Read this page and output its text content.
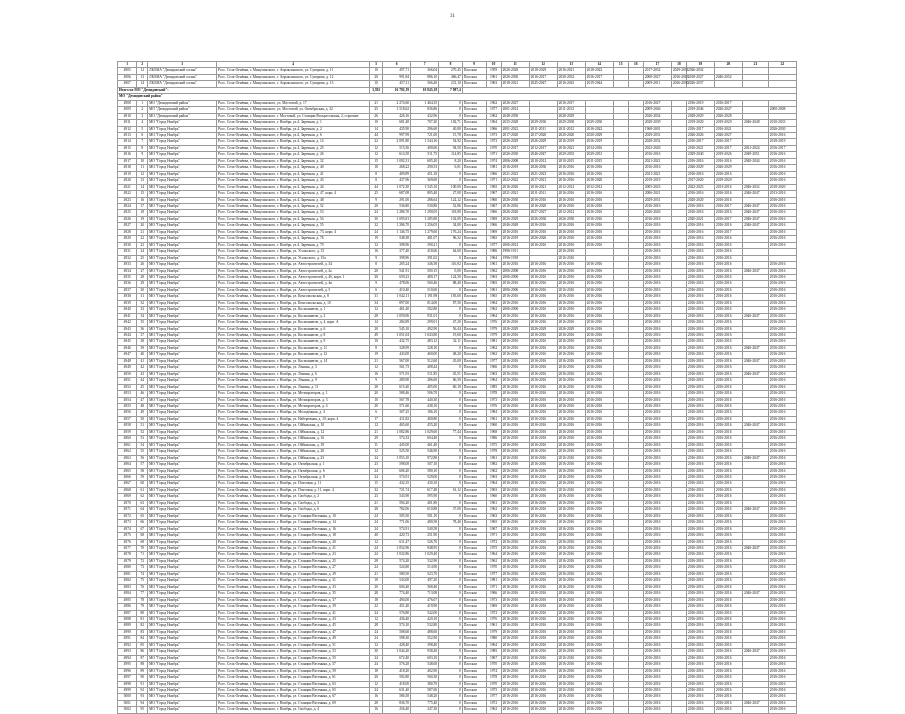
31
1	2	3	4	5	6	7	8	9	10	11	12	13	14	15	16	17	18	19	20	21	22
4905	12	ЛБОМА "Демидовский сосны"	Росс. Сель-Огнёвка, г. Минусинского, г. Апраксинского, ул. Суворова, д. 11	10	497,71	366,04	270,45	Плоская	1959	2026-2028	2018-2029	2016-2021	2018-2022			2017-2032	2029-2031	2026-2032			
4906	13	ЛБОМА "Демидовский сосны"	Росс. Сель-Огнёвка, г. Минусинского, г. Апраксинского, ул. Суворова, д. 12	20	991,84	886,10	466,47	Плоская	1961	2026-2030	2016-2017	2030-2032	2016-2017			2008-2027	2016-2019	2018-2027	2046-2052		
4907	14	ЛБОМА "Демидовский сосны"	Росс. Сель-Огнёвка, г. Минусинского, г. Апраксинского, ул. Суворова, д. 13	10	457,11	566,40	231,10	Плоская	1963	2018-2021	2045-2047	2016-2043	2019-2044			2009-2011	2026-2030	2026-2037			
Итого по МО "Демидовский":				3,392	16 792,19	10 845,18	7 987,4														
МО "Демидовский район"																					
4908	1	МО "Демидовский район"	Росс. Сель-Огнёвка, г. Минусинского, ул. Мостовой, д. 17	21	2 274,60	1 464,35	0	Плоская	1962	2026-2027		2016-2017				2016-2027		2016-2019	2016-2017		
4909	2	МО "Демидовский район"	Росс. Сель-Огнёвка, г. Минусинского, ул. Мостовой, ул. Октябрьская, д. 32	25	1 518,62	836,86	0	Плоская	1977	2001-2012		2011-2012				2009-2046		2019-2046	2026-2027		2000-2008
4910	3	МО "Демидовский район"	Росс. Сель-Огнёвка, г. Минусинского, г. Мостовой, ул. Станции Воскресенская, 2, строение	26	426,16	432,96	0	Плоская	1962	2048-2050		2028-2029				2026-2034		2028-2029	2026-2028		
4911	4	МО "Город Ноябрь"	Росс. Сель-Огнёвка, г. Минусинского, г. Ноябрь, ул.4, Заречная, д. 1	10	681,48	707,20	182,71	Плоская	1964	2025-2028	2029-2030	2029-2030	2029-2030			2028-2039		2019-2020	2019-2020	2046-2048	2010-2033
4912	5	МО "Город Ноябрь"	Росс. Сель-Огнёвка, г. Минусинского, г. Ноябрь, ул.4, Заречная, д. 2	14	435,90	296,60	40,80	Плоская	1966	2001-2022	2011-2011	2011-2012	2016-2022			1968-2001		2016-2017	2016-2021		2026-2030
4913	6	МО "Город Ноябрь"	Росс. Сель-Огнёвка, г. Минусинского, г. Ноябрь, ул.4, Заречная, д. 6	44	997,99	721,00	15,78	Плоская	1973	2017-2020	2017-2020	2020-2020	2020-2029			2029-2031		2026-2026	2026-2027		2016-2016
4914	7	МО "Город Ноябрь"	Росс. Сель-Огнёвка, г. Минусинского, г. Ноябрь, ул.4, Заречная, д. 14	22	2 091,80	1 544,16	54,92	Плоская	1973	2026-2029	2026-2029	2016-2019	2016-2019			2028-2032		2016-2017	2016-2017		2018-2019
4915	8	МО "Город Ноябрь"	Росс. Сель-Огнёвка, г. Минусинского, г. Ноябрь, ул.4, Заречная, д. 25	12	515,56	490,60	94,50	Плоская	1970	2012-2017	2012-2017	2016-2021	2014-2016			2022-2026		2016-2021	2016-2017	2021-2024	2016-2017
4916	9	МО "Город Ноябрь"	Росс. Сель-Огнёвка, г. Минусинского, г. Ноябрь, ул.4, Заречная, д. 26	12	614,50	511,75	114,85	Плоская	1971	2026-2030	2046-2047	2029-2033	2029-2031			2016-2016		2029-2040	2019-2026	2049-2051	2016-2016
4917	10	МО "Город Ноябрь"	Росс. Сель-Огнёвка, г. Минусинского, г. Ноябрь, ул.4, Заречная, д. 32	15	1 092,31	605,20	8,20	Плоская	1974	2006-2008	2010-2012	2010-2015	2011-2015			2021-2021		2016-2016	2016-2016	2040-2044	2016-2016
4918	11	МО "Город Ноябрь"	Росс. Сель-Огнёвка, г. Минусинского, г. Ноябрь, ул.4, Заречная, д. 40	18	268,22	290,53	6,01	Плоская	1981	2016-2019	2026-2030	2016-2016	2016-2016			2016-2016		2026-2029	2026-2029		2016-2016
4919	12	МО "Город Ноябрь"	Росс. Сель-Огнёвка, г. Минусинского, г. Ноябрь, ул.4, Заречная, д. 41	8	409,89	451,18	0	Плоская	1966	2021-2023	2021-2023	2016-2016	2016-2016			2021-2021		2016-2016	2016-2016		2016-2016
4920	13	МО "Город Ноябрь"	Росс. Сель-Огнёвка, г. Минусинского, г. Ноябрь, ул.4, Заречная, д. 43	8	437,96	369,60	0	Плоская	1971	2022-2022	2017-2021	2016-2016	2018-2020			2019-2019		2017-2020	2019-2020		2016-2016
4921	14	МО "Город Ноябрь"	Росс. Сель-Огнёвка, г. Минусинского, г. Ноябрь, ул.4, Заречная, д. 44	44	1 072,30	1 545,10	100,00	Плоская	1965	2016-2020	2016-2021	2012-2012	2012-2012			2005-2023		2022-2023	2013-2016	2046-2032	2018-2020
4922	15	МО "Город Ноябрь"	Росс. Сель-Огнёвка, г. Минусинского, г. Ноябрь, ул.4, Заречная, д. 47, корп. 4	25	687,08	805,40	27,00	Плоская	1967	2021-2021	2011-2011	2016-2016	2016-2016			2006-2021		2016-2016	2016-2016	2046-2047	2013-2016
4923	16	МО "Город Ноябрь"	Росс. Сель-Огнёвка, г. Минусинского, г. Ноябрь, ул.4, Заречная, д. 48	9	291,00	286,64	122,12	Плоская	1960	2026-2030	2016-2016	2016-2016	2016-2016			2029-2031		2020-2020	2016-2016		2016-2016
4924	17	МО "Город Ноябрь"	Росс. Сель-Огнёвка, г. Минусинского, г. Ноябрь, ул.4, Заречная, д. 52	20	536,80	530,80	52,86	Плоская	1967	2016-2016	2016-2020	2016-2016	2016-2016			2016-2016		2016-2016	2016-2017	2046-2047	2016-2016
4925	18	МО "Город Ноябрь"	Росс. Сель-Огнёвка, г. Минусинского, г. Ноябрь, ул.4, Заречная, д. 53	24	1 286,70	1 290,05	118,80	Плоская	1966	2026-2026	2027-2027	2012-2012	2016-2016			2026-2026		2016-2016	2016-2016	2046-2047	2016-2016
4926	19	МО "Город Ноябрь"	Росс. Сель-Огнёвка, г. Минусинского, г. Ноябрь, ул.4, Заречная, д. 54	30	1 095,81	1 285,80	102,09	Плоская	1969	2026-2029	2026-2030	2026-2030	2016-2016			2016-2016		2020-2021	2016-2017	2046-2047	2016-2016
4927	20	МО "Город Ноябрь"	Росс. Сель-Огнёвка, г. Минусинского, г. Ноябрь, ул.4, Заречная, д. 55	32	1 286,70	1 256,05	34,00	Плоская	1966	2046-2049	2016-2016	2016-2016	2016-2016			2016-2016		2016-2016	2016-2016	2046-2047	2016-2016
4928	21	МО "Город Ноябрь"	Росс. Сель-Огнёвка, г. Минусинского, г. Ноябрь, ул.4, Заречная, д. 73, корп. 4	24	1 146,75	1 279,60	176,24	Плоская	1969	2016-2016	2016-2016	2016-2016	2016-2016			2016-2016		2016-2016	2016-2017		2016-2016
4929	22	МО "Город Ноябрь"	Росс. Сель-Огнёвка, г. Минусинского, г. Ноябрь, ул.4, Заречная, д. 76	19	548,38	481,07	96,32	Плоская	1965	2016-2019	2026-2026	2016-2016	2016-2016			2016-2016		2016-2016	2016-2016		2016-2016
4930	23	МО "Город Ноябрь"	Росс. Сель-Огнёвка, г. Минусинского, г. Ноябрь, ул.4, Заречная, д. 79	12	398,96	390,21	0	Плоская	1977	2006-2012	2016-2016	2016-2016	2016-2016			2016-2016		2016-2016	2016-2016		2016-2016
4931	24	МО "Город Ноябрь"	Росс. Сель-Огнёвка, г. Минусинского, г. Ноябрь, ул. Усольского, д. 15	16	377,40	418,66	64,60	Плоская	1986	1996-1911		2016-2016				2016-2016		2016-2016	2016-2016		
4932	25	МО "Город Ноябрь"	Росс. Сель-Огнёвка, г. Минусинского, г. Ноябрь, ул. Усольского, д. 15а	9	398,96	391,02	0	Плоская	1964	1996-1918		2016-2016				2016-2016		2016-2016	2016-2016		
4933	26	МО "Город Ноябрь"	Росс. Сель-Огнёвка, г. Минусинского, г. Ноябрь, ул. Автостроителей, д. 34	8	205,24	346,58	116,92	Плоская	1961	2016-2016	2016-2016	2016-2016	2016-2016			2016-2016		2016-2016	2016-2016		2016-2016
4934	27	МО "Город Ноябрь"	Росс. Сель-Огнёвка, г. Минусинского, г. Ноябрь, ул. Автостроителей, д. 4а	20	541,91	500,15	0,00	Плоская	1962	2006-2008	2016-2016	2016-2016	2016-2016			2016-2016		2016-2016	2016-2016	2046-2047	2016-2016
4935	28	МО "Город Ноябрь"	Росс. Сель-Огнёвка, г. Минусинского, г. Ноябрь, ул. Автостроителей, д. 4б, корп. 1	30	659,23	480,17	124,50	Плоская	1963	2006-2006	2016-2016	2016-2016	2016-2016			2016-2016		2016-2016	2016-2016		2016-2016
4936	29	МО "Город Ноябрь"	Росс. Сель-Огнёвка, г. Минусинского, г. Ноябрь, ул. Автостроителей, д. 4в	9	478,06	560,46	88,40	Плоская	1965	2016-2016	2016-2016	2016-2016	2016-2016			2016-2016		2016-2016	2016-2016		2016-2016
4937	30	МО "Город Ноябрь"	Росс. Сель-Огнёвка, г. Минусинского, г. Ноябрь, ул. Автостроителей, д. 5	6	410,40	510,60	0	Плоская	1961	2006-2006	2016-2016	2016-2016	2016-2016			2016-2016		2016-2016	2016-2016		2016-2016
4938	31	МО "Город Ноябрь"	Росс. Сель-Огнёвка, г. Минусинского, г. Ноябрь, ул. Комсомольская, д. 8	31	1 042,11	1 191,98	183,60	Плоская	1965	2016-2016	2016-2016	2016-2016	2016-2016			2016-2016		2016-2016	2016-2016		2016-2016
4939	32	МО "Город Ноябрь"	Росс. Сель-Огнёвка, г. Минусинского, г. Ноябрь, ул. Комсомольская, д. 10	34	897,00	814,00	87,50	Плоская	1964	2016-2016	2016-2016	2016-2016	2016-2016			2016-2016		2016-2016	2016-2016		2016-2016
4940	33	МО "Город Ноябрь"	Росс. Сель-Огнёвка, г. Минусинского, г. Ноябрь, ул. Космонавтов, д. 1	12	461,40	502,80	0	Плоская	1962	2006-2006	2016-2016	2016-2016	2016-2016			2016-2016		2016-2016	2016-2016		2016-2016
4941	34	МО "Город Ноябрь"	Росс. Сель-Огнёвка, г. Минусинского, г. Ноябрь, ул. Космонавтов, д. 2	28	1 059,06	931,01	0	Плоская	1964	2016-2016	2016-2016	2016-2016	2016-2016			2016-2016		2016-2016	2016-2016	2046-2047	2016-2016
4942	35	МО "Город Ноябрь"	Росс. Сель-Огнёвка, г. Минусинского, г. Ноябрь, ул. Космонавтов, д. 4, корп. А	14	284,89	299,01	47,20	Плоская	1976	2016-2016	2016-2016	2016-2016	2016-2016			2016-2016		2016-2016	2016-2016		2016-2016
4943	36	МО "Город Ноябрь"	Росс. Сель-Огнёвка, г. Минусинского, г. Ноябрь, ул. Космонавтов, д. 6	20	545,10	492,90	56,44	Плоская	1979	2026-2029	2026-2029	2026-2029	2016-2016			2016-2016		2016-2016	2016-2016		2016-2016
4944	37	МО "Город Ноябрь"	Росс. Сель-Огнёвка, г. Минусинского, г. Ноябрь, ул. Космонавтов, д. 8	49	1 051,04	1 043,80	19,60	Плоская	1979	2016-2016	2016-2016	2016-2016	2016-2016			2016-2016		2016-2016	2016-2016		2016-2016
4945	38	МО "Город Ноябрь"	Росс. Сель-Огнёвка, г. Минусинского, г. Ноябрь, ул. Космонавтов, д. 9	10	432,75	483,12	32,11	Плоская	1981	2016-2016	2016-2016	2016-2016	2016-2016			2016-2016		2016-2016	2016-2016		2016-2016
4946	39	МО "Город Ноябрь"	Росс. Сель-Огнёвка, г. Минусинского, г. Ноябрь, ул. Космонавтов, д. 11	8	328,99	328,10	0	Плоская	1962	2016-2016	2016-2016	2016-2016	2016-2016			2016-2016		2016-2016	2016-2016	2046-2047	2016-2016
4947	40	МО "Город Ноябрь"	Росс. Сель-Огнёвка, г. Минусинского, г. Ноябрь, ул. Космонавтов, д. 12	19	443,00	460,00	48,20	Плоская	1962	2016-2016	2016-2016	2016-2016	2016-2016			2016-2016		2016-2016	2016-2016		2016-2016
4948	41	МО "Город Ноябрь"	Росс. Сель-Огнёвка, г. Минусинского, г. Ноябрь, ул. Космонавтов, д. 14	21	567,00	512,60	45,00	Плоская	1977	2016-2016	2016-2016	2016-2016	2016-2016			2016-2016		2016-2016	2016-2016	2046-2047	2016-2016
4949	42	МО "Город Ноябрь"	Росс. Сель-Огнёвка, г. Минусинского, г. Ноябрь, ул. Ленина, д. 3	12	561,73	408,44	0	Плоская	1966	2016-2016	2016-2016	2016-2016	2016-2016			2016-2016		2016-2016	2016-2016		2016-2016
4950	43	МО "Город Ноябрь"	Росс. Сель-Огнёвка, г. Минусинского, г. Ноябрь, ул. Ленина, д. 6	16	571,93	511,85	45,51	Плоская	1963	2016-2016	2016-2016	2016-2016	2016-2016			2016-2016		2016-2016	2016-2016	2046-2047	2016-2016
4951	44	МО "Город Ноябрь"	Росс. Сель-Огнёвка, г. Минусинского, г. Ноябрь, ул. Ленина, д. 9	9	280,90	286,60	66,50	Плоская	1964	2016-2016	2016-2016	2016-2016	2016-2016			2016-2016		2016-2016	2016-2016		2016-2016
4952	45	МО "Город Ноябрь"	Росс. Сель-Огнёвка, г. Минусинского, г. Ноябрь, ул. Ленина, д. 11	28	615,40	405,00	60,10	Плоская	1985	2016-2016	2016-2016	2016-2016	2016-2016			2016-2016		2016-2016	2016-2016		2016-2016
4953	46	МО "Город Ноябрь"	Росс. Сель-Огнёвка, г. Минусинского, г. Ноябрь, ул. Мелиораторов, д. 1	20	588,46	506,70	0	Плоская	1978	2016-2016	2016-2016	2016-2016	2016-2016			2016-2016		2016-2016	2016-2016		2016-2016
4954	47	МО "Город Ноябрь"	Росс. Сель-Огнёвка, г. Минусинского, г. Ноябрь, ул. Мелиораторов, д. 3	10	567,78	440,30	0	Плоская	1973	2016-2016	2016-2016	2016-2016	2016-2016			2016-2016		2016-2016	2016-2016		2016-2016
4955	48	МО "Город Ноябрь"	Росс. Сель-Огнёвка, г. Минусинского, г. Ноябрь, ул. Мелиораторов, д. 4	20	571,60	438,10	0	Плоская	1976	2016-2016	2016-2016	2016-2016	2016-2016			2016-2016		2016-2016	2016-2016		2016-2016
4956	49	МО "Город Ноябрь"	Росс. Сель-Огнёвка, г. Минусинского, г. Ноябрь, ул. Молодёжная, д. 4	6	307,25	186,10	0	Плоская	1984	2016-2016	2016-2016	2016-2016	2016-2016			2016-2016		2016-2016	2016-2016		2016-2016
4957	50	МО "Город Ноябрь"	Росс. Сель-Огнёвка, г. Минусинского, г. Ноябрь, ул. Набережная, д. 10, корп. 4	17	411,82	400,80	0	Плоская	1961	2016-2016	2016-2016	2016-2016	2016-2016			2016-2016		2016-2016	2016-2016		2016-2016
4958	51	МО "Город Ноябрь"	Росс. Сель-Огнёвка, г. Минусинского, г. Ноябрь, ул. Ойбыкская, д. 10	12	465,60	455,20	0	Плоская	1960	2016-2016	2016-2016	2016-2016	2016-2016			2016-2016		2016-2016	2016-2016	2046-2047	2016-2016
4959	52	МО "Город Ноябрь"	Росс. Сель-Огнёвка, г. Минусинского, г. Ноябрь, ул. Ойбыкская, д. 12	21	1 082,86	1 029,60	77,44	Плоская	1968	2016-2016	2016-2016	2016-2016	2016-2016			2016-2016		2016-2016	2016-2016		2016-2016
4960	53	МО "Город Ноябрь"	Росс. Сель-Огнёвка, г. Минусинского, г. Ноябрь, ул. Ойбыкская, д. 16	29	574,33	604,40	0	Плоская	1986	2016-2016	2016-2016	2016-2016	2016-2016			2016-2016		2016-2016	2016-2016		2016-2016
4961	54	МО "Город Ноябрь"	Росс. Сель-Огнёвка, г. Минусинского, г. Ноябрь, ул. Ойбыкская, д. 18	11	445,00	461,40	0	Плоская	1975	2016-2016	2016-2016	2016-2016	2016-2016			2016-2016		2016-2016	2016-2016		2016-2016
4962	55	МО "Город Ноябрь"	Росс. Сель-Огнёвка, г. Минусинского, г. Ноябрь, ул. Ойбыкская, д. 20	12	525,50	546,90	0	Плоская	1978	2016-2016	2016-2016	2016-2016	2016-2016			2016-2016		2016-2016	2016-2016		2016-2016
4963	56	МО "Город Ноябрь"	Росс. Сель-Огнёвка, г. Минусинского, г. Ноябрь, ул. Ойбыкская, д. 23	24	1 053,10	972,80	0	Плоская	1961	2016-2016	2016-2016	2016-2016	2016-2016			2016-2016		2016-2016	2016-2016	2046-2047	2016-2016
4964	57	МО "Город Ноябрь"	Росс. Сель-Огнёвка, г. Минусинского, г. Ноябрь, ул. Октябрьская, д. 1	23	598,00	507,10	0	Плоская	1982	2016-2016	2016-2016	2016-2016	2016-2016			2016-2016		2016-2016	2016-2016		2016-2016
4965	58	МО "Город Ноябрь"	Росс. Сель-Огнёвка, г. Минусинского, г. Ноябрь, ул. Октябрьская, д. 6	24	606,20	580,10	0	Плоская	1962	2016-2016	2016-2016	2016-2016	2016-2016			2016-2016		2016-2016	2016-2016		2016-2016
4966	59	МО "Город Ноябрь"	Росс. Сель-Огнёвка, г. Минусинского, г. Ноябрь, ул. Октябрьская, д. 8	24	574,91	529,00	0	Плоская	1963	2016-2016	2016-2016	2016-2016	2016-2016			2016-2016		2016-2016	2016-2016		2016-2016
4967	60	МО "Город Ноябрь"	Росс. Сель-Огнёвка, г. Минусинского, г. Ноябрь, ул. Почтовая, д. 11	15	432,35	430,10	0	Плоская	1964	2016-2016	2016-2016	2016-2016	2016-2016			2016-2016		2016-2016	2016-2016		2016-2016
4968	61	МО "Город Ноябрь"	Росс. Сель-Огнёвка, г. Минусинского, г. Ноябрь, ул. Почтовая, д. 11, корп. 4	32	721,74	617,48	61,12	Плоская	1963	2016-2016	2016-2016	2016-2016	2016-2016			2016-2016		2016-2016	2016-2016		2016-2016
4969	62	МО "Город Ноябрь"	Росс. Сель-Огнёвка, г. Минусинского, г. Ноябрь, ул. Свободы, д. 2	23	543,90	595,90	0	Плоская	1960	2016-2016	2016-2016	2016-2016	2016-2016			2016-2016		2016-2016	2016-2016		2016-2016
4970	63	МО "Город Ноябрь"	Росс. Сель-Огнёвка, г. Минусинского, г. Ноябрь, ул. Свободы, д. 5	21	594,20	401,80	0	Плоская	1961	2016-2016	2016-2016	2016-2016	2016-2016			2016-2016		2016-2016	2016-2016		2016-2016
4971	64	МО "Город Ноябрь"	Росс. Сель-Огнёвка, г. Минусинского, г. Ноябрь, ул. Свободы, д. 6	28	782,06	610,88	37,00	Плоская	1962	2016-2016	2016-2016	2016-2016	2016-2016			2016-2016		2016-2016	2016-2016	2046-2047	2016-2016
4972	65	МО "Город Ноябрь"	Росс. Сель-Огнёвка, г. Минусинского, г. Ноябрь, ул. Станции Весенняя, д. 10	24	505,50	501,10	0	Плоская	1963	2016-2016	2016-2016	2016-2016	2016-2016			2016-2016		2016-2016	2016-2016		2016-2016
4973	66	МО "Город Ноябрь"	Росс. Сель-Огнёвка, г. Минусинского, г. Ноябрь, ул. Станции Весенняя, д. 14	24	771,06	480,58	78,40	Плоская	1965	2016-2016	2016-2016	2016-2016	2016-2016			2016-2016		2016-2016	2016-2016		2016-2016
4974	67	МО "Город Ноябрь"	Росс. Сель-Огнёвка, г. Минусинского, г. Ноябрь, ул. Станции Весенняя, д. 16	24	574,91	540,58	0	Плоская	1967	2016-2016	2016-2016	2016-2016	2016-2016			2016-2016		2016-2016	2016-2016		2016-2016
4975	68	МО "Город Ноябрь"	Росс. Сель-Огнёвка, г. Минусинского, г. Ноябрь, ул. Станции Весенняя, д. 18	40	420,73	251,90	0	Плоская	1971	2016-2016	2016-2016	2016-2016	2016-2016			2016-2016		2016-2016	2016-2016		2016-2016
4976	69	МО "Город Ноябрь"	Росс. Сель-Огнёвка, г. Минусинского, г. Ноябрь, ул. Станции Весенняя, д. 20	12	611,47	526,70	0	Плоская	1972	2016-2016	2016-2016	2016-2016	2016-2016			2016-2016		2016-2016	2016-2016		2016-2016
4977	70	МО "Город Ноябрь"	Росс. Сель-Огнёвка, г. Минусинского, г. Ноябрь, ул. Станции Весенняя, д. 21	24	1 052,96	948,95	0	Плоская	1975	2016-2016	2016-2016	2016-2016	2016-2016			2016-2016		2016-2016	2016-2016	2046-2047	2016-2016
4978	71	МО "Город Ноябрь"	Росс. Сель-Огнёвка, г. Минусинского, г. Ноябрь, ул. Станции Весенняя, д. 23	24	1 032,86	1 029,40	0	Плоская	1964	2016-2016	2016-2016	2016-2016	2016-2016			2016-2016		2016-2016	2016-2016		2016-2016
4979	72	МО "Город Ноябрь"	Росс. Сель-Огнёвка, г. Минусинского, г. Ноябрь, ул. Станции Весенняя, д. 25	28	574,20	532,90	0	Плоская	1962	2016-2016	2016-2016	2016-2016	2016-2016			2016-2016		2016-2016	2016-2016		2016-2016
4980	73	МО "Город Ноябрь"	Росс. Сель-Огнёвка, г. Минусинского, г. Ноябрь, ул. Станции Весенняя, д. 27	24	524,80	514,90	0	Плоская	1970	2016-2016	2016-2016	2016-2016	2016-2016			2016-2016		2016-2016	2016-2016		2016-2016
4981	74	МО "Город Ноябрь"	Росс. Сель-Огнёвка, г. Минусинского, г. Ноябрь, ул. Станции Весенняя, д. 29	21	580,50	523,70	0	Плоская	1977	2016-2016	2016-2016	2016-2016	2016-2016			2016-2016		2016-2016	2016-2016		2016-2016
4982	75	МО "Город Ноябрь"	Росс. Сель-Огнёвка, г. Минусинского, г. Ноябрь, ул. Станции Весенняя, д. 31	18	543,00	497,20	0	Плоская	1981	2016-2016	2016-2016	2016-2016	2016-2016			2016-2016		2016-2016	2016-2016		2016-2016
4983	76	МО "Город Ноябрь"	Росс. Сель-Огнёвка, г. Минусинского, г. Ноябрь, ул. Станции Весенняя, д. 33	20	604,40	568,40	0	Плоская	1971	2016-2016	2016-2016	2016-2016	2016-2016			2016-2016		2016-2016	2016-2016		2016-2016
4984	77	МО "Город Ноябрь"	Росс. Сель-Огнёвка, г. Минусинского, г. Ноябрь, ул. Станции Весенняя, д. 35	28	774,40	713,08	0	Плоская	1966	2016-2016	2016-2016	2016-2016	2016-2016			2016-2016		2016-2016	2016-2016	2046-2047	2016-2016
4985	78	МО "Город Ноябрь"	Росс. Сель-Огнёвка, г. Минусинского, г. Ноябрь, ул. Станции Весенняя, д. 37	18	494,00	476,07	0	Плоская	1973	2016-2016	2016-2016	2016-2016	2016-2016			2016-2016		2016-2016	2016-2016		2016-2016
4986	79	МО "Город Ноябрь"	Росс. Сель-Огнёвка, г. Минусинского, г. Ноябрь, ул. Станции Весенняя, д. 39	22	451,40	419,90	0	Плоская	1969	2016-2016	2016-2016	2016-2016	2016-2016			2016-2016		2016-2016	2016-2016		2016-2016
4987	80	МО "Город Ноябрь"	Росс. Сель-Огнёвка, г. Минусинского, г. Ноябрь, ул. Станции Весенняя, д. 41	24	576,80	542,00	0	Плоская	1972	2016-2016	2016-2016	2016-2016	2016-2016			2016-2016		2016-2016	2016-2016		2016-2016
4988	81	МО "Город Ноябрь"	Росс. Сель-Огнёвка, г. Минусинского, г. Ноябрь, ул. Станции Весенняя, д. 43	12	436,40	420,10	0	Плоская	1976	2016-2016	2016-2016	2016-2016	2016-2016			2016-2016		2016-2016	2016-2016		2016-2016
4989	82	МО "Город Ноябрь"	Росс. Сель-Огнёвка, г. Минусинского, г. Ноябрь, ул. Станции Весенняя, д. 45	28	574,10	532,80	0	Плоская	1961	2016-2016	2016-2016	2016-2016	2016-2016			2016-2016		2016-2016	2016-2016		2016-2016
4990	83	МО "Город Ноябрь"	Росс. Сель-Огнёвка, г. Минусинского, г. Ноябрь, ул. Станции Весенняя, д. 47	24	508,60	488,60	0	Плоская	1979	2016-2016	2016-2016	2016-2016	2016-2016			2016-2016		2016-2016	2016-2016		2016-2016
4991	84	МО "Город Ноябрь"	Росс. Сель-Огнёвка, г. Минусинского, г. Ноябрь, ул. Станции Весенняя, д. 49	24	598,30	552,90	0	Плоская	1980	2016-2016	2016-2016	2016-2016	2016-2016			2016-2016		2016-2016	2016-2016		2016-2016
4992	85	МО "Город Ноябрь"	Росс. Сель-Огнёвка, г. Минусинского, г. Ноябрь, ул. Станции Весенняя, д. 51	12	428,40	398,40	0	Плоская	1964	2016-2016	2016-2016	2016-2016	2016-2016			2016-2016		2016-2016	2016-2016		2016-2016
4993	86	МО "Город Ноябрь"	Росс. Сель-Огнёвка, г. Минусинского, г. Ноябрь, ул. Станции Весенняя, д. 53	30	1 044,20	938,40	0	Плоская	1985	2016-2016	2016-2016	2016-2016	2016-2016			2016-2016		2016-2016	2016-2016	2046-2047	2016-2016
4994	87	МО "Город Ноябрь"	Росс. Сель-Огнёвка, г. Минусинского, г. Ноябрь, ул. Станции Весенняя, д. 55	24	672,40	603,10	0	Плоская	1967	2016-2016	2016-2016	2016-2016	2016-2016			2016-2016		2016-2016	2016-2016		2016-2016
4995	88	МО "Город Ноябрь"	Росс. Сель-Огнёвка, г. Минусинского, г. Ноябрь, ул. Станции Весенняя, д. 57	24	576,20	548,60	0	Плоская	1970	2016-2016	2016-2016	2016-2016	2016-2016			2016-2016		2016-2016	2016-2016		2016-2016
4996	89	МО "Город Ноябрь"	Росс. Сель-Огнёвка, г. Минусинского, г. Ноябрь, ул. Станции Весенняя, д. 59	18	418,20	402,90	0	Плоская	1974	2016-2016	2016-2016	2016-2016	2016-2016			2016-2016		2016-2016	2016-2016		2016-2016
4997	90	МО "Город Ноябрь"	Росс. Сель-Огнёвка, г. Минусинского, г. Ноябрь, ул. Станции Весенняя, д. 61	20	592,80	560,30	0	Плоская	1978	2016-2016	2016-2016	2016-2016	2016-2016			2016-2016		2016-2016	2016-2016		2016-2016
4998	91	МО "Город Ноябрь"	Росс. Сель-Огнёвка, г. Минусинского, г. Ноябрь, ул. Станции Весенняя, д. 63	12	418,00	380,70	0	Плоская	1970	2016-2016	2016-2016	2016-2016	2016-2016			2016-2016		2016-2016	2016-2016		2016-2016
4999	92	МО "Город Ноябрь"	Росс. Сель-Огнёвка, г. Минусинского, г. Ноябрь, ул. Станции Весенняя, д. 65	24	631,40	587,60	0	Плоская	1975	2016-2016	2016-2016	2016-2016	2016-2016			2016-2016		2016-2016	2016-2016		2016-2016
5000	93	МО "Город Ноябрь"	Росс. Сель-Огнёвка, г. Минусинского, г. Ноябрь, ул. Станции Весенняя, д. 67	16	586,50	548,20	0	Плоская	1977	2016-2016	2016-2016	2016-2016	2016-2016			2016-2016		2016-2016	2016-2016		2016-2016
5001	94	МО "Город Ноябрь"	Росс. Сель-Огнёвка, г. Минусинского, г. Ноябрь, ул. Станции Весенняя, д. 69	28	836,70	775,40	0	Плоская	1972	2016-2016	2016-2016	2016-2016	2016-2016			2016-2016		2016-2016	2016-2016	2046-2047	2016-2016
5002	95	МО "Город Ноябрь"	Росс. Сель-Огнёвка, г. Минусинского, г. Ноябрь, ул. Свободы, д. 4	16	256,40	247,30	0	Плоская	1962	2016-2016	2016-2016	2016-2016	2016-2016			2016-2016		2016-2016	2016-2016		2016-2016
